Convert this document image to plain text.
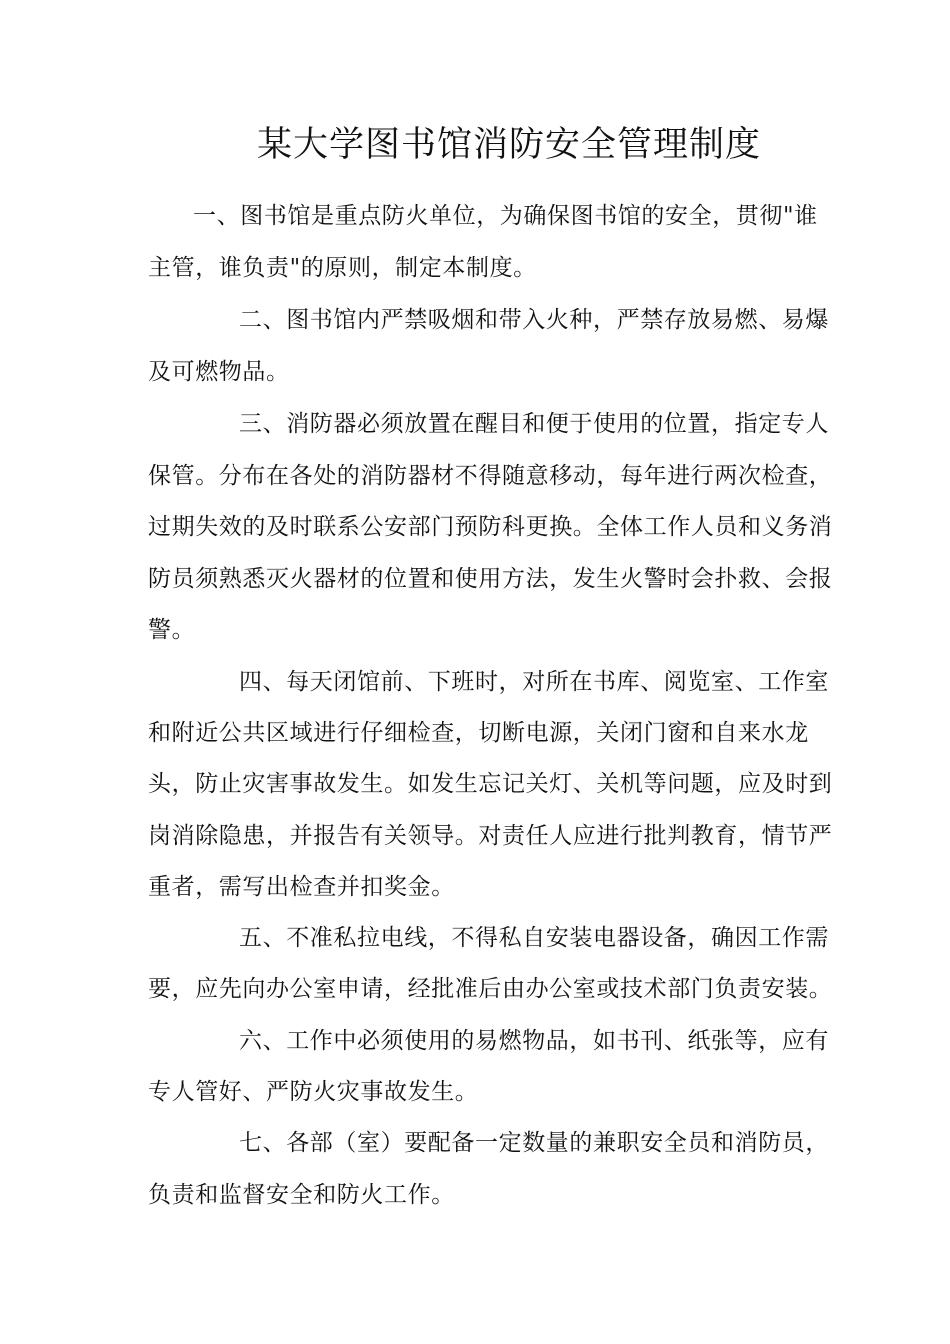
某大学图书馆消防安全管理制度
一、图书馆是重点防火单位，为确保图书馆的安全，贯彻"谁
主管，谁负责"的原则，制定本制度。
二、图书馆内严禁吸烟和带入火种，严禁存放易燃、易爆
及可燃物品。
三、消防器必须放置在醒目和便于使用的位置，指定专人
保管。分布在各处的消防器材不得随意移动，每年进行两次检查，
过期失效的及时联系公安部门预防科更换。全体工作人员和义务消
防员须熟悉灭火器材的位置和使用方法，发生火警时会扑救、会报
警。
四、每天闭馆前、下班时，对所在书库、阅览室、工作室
和附近公共区域进行仔细检查，切断电源，关闭门窗和自来水龙
头，防止灾害事故发生。如发生忘记关灯、关机等问题，应及时到
岗消除隐患，并报告有关领导。对责任人应进行批判教育，情节严
重者，需写出检查并扣奖金。
五、不准私拉电线，不得私自安装电器设备，确因工作需
要，应先向办公室申请，经批准后由办公室或技术部门负责安装。
六、工作中必须使用的易燃物品，如书刊、纸张等，应有
专人管好、严防火灾事故发生。
七、各部（室）要配备一定数量的兼职安全员和消防员，
负责和监督安全和防火工作。
